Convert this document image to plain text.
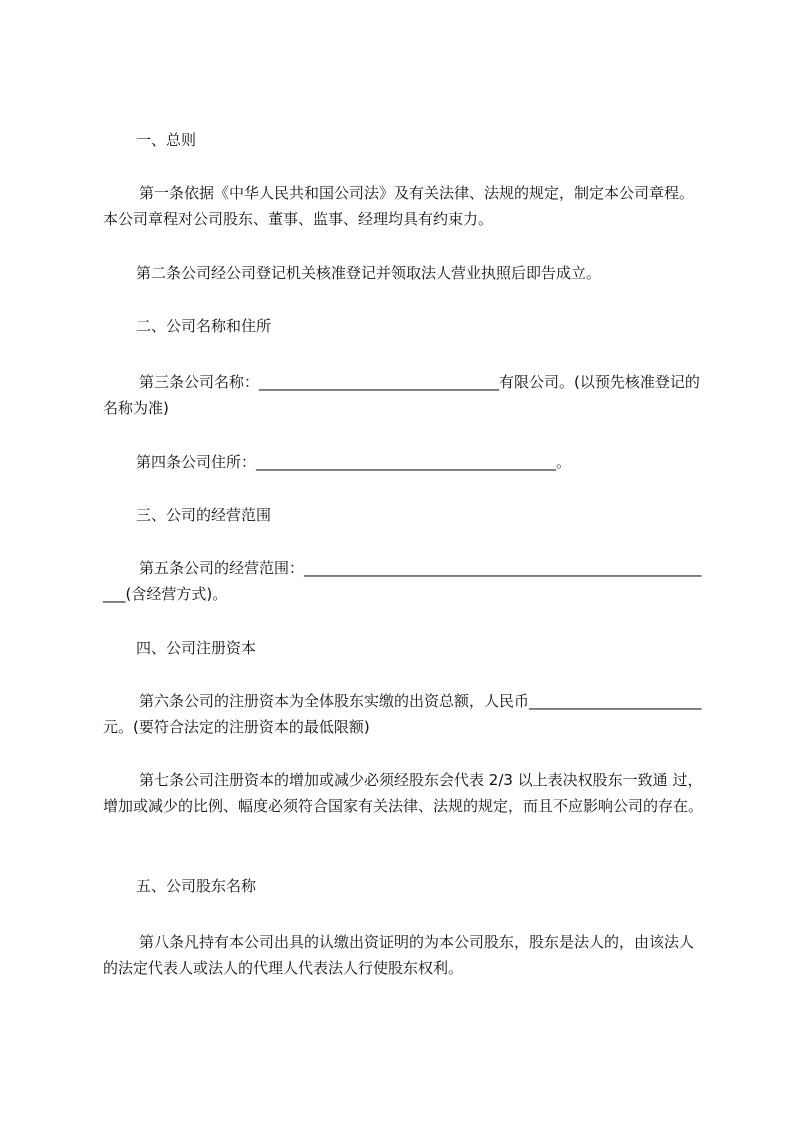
一、总则

第一条依据《中华人民共和国公司法》及有关法律、法规的规定，制定本公司章程。本公司章程对公司股东、董事、监事、经理均具有约束力。

第二条公司经公司登记机关核准登记并领取法人营业执照后即告成立。

二、公司名称和住所

第三条公司名称：________________________________有限公司。(以预先核准登记的名称为准)

第四条公司住所：________________________________________。

三、公司的经营范围

第五条公司的经营范围：________________________________________________________(含经营方式)。

四、公司注册资本

第六条公司的注册资本为全体股东实缴的出资总额，人民币_______________________元。(要符合法定的注册资本的最低限额)

第七条公司注册资本的增加或减少必须经股东会代表 2/3 以上表决权股东一致通 过，增加或减少的比例、幅度必须符合国家有关法律、法规的规定，而且不应影响公司的存在。

五、公司股东名称

第八条凡持有本公司出具的认缴出资证明的为本公司股东，股东是法人的，由该法人的法定代表人或法人的代理人代表法人行使股东权利。
